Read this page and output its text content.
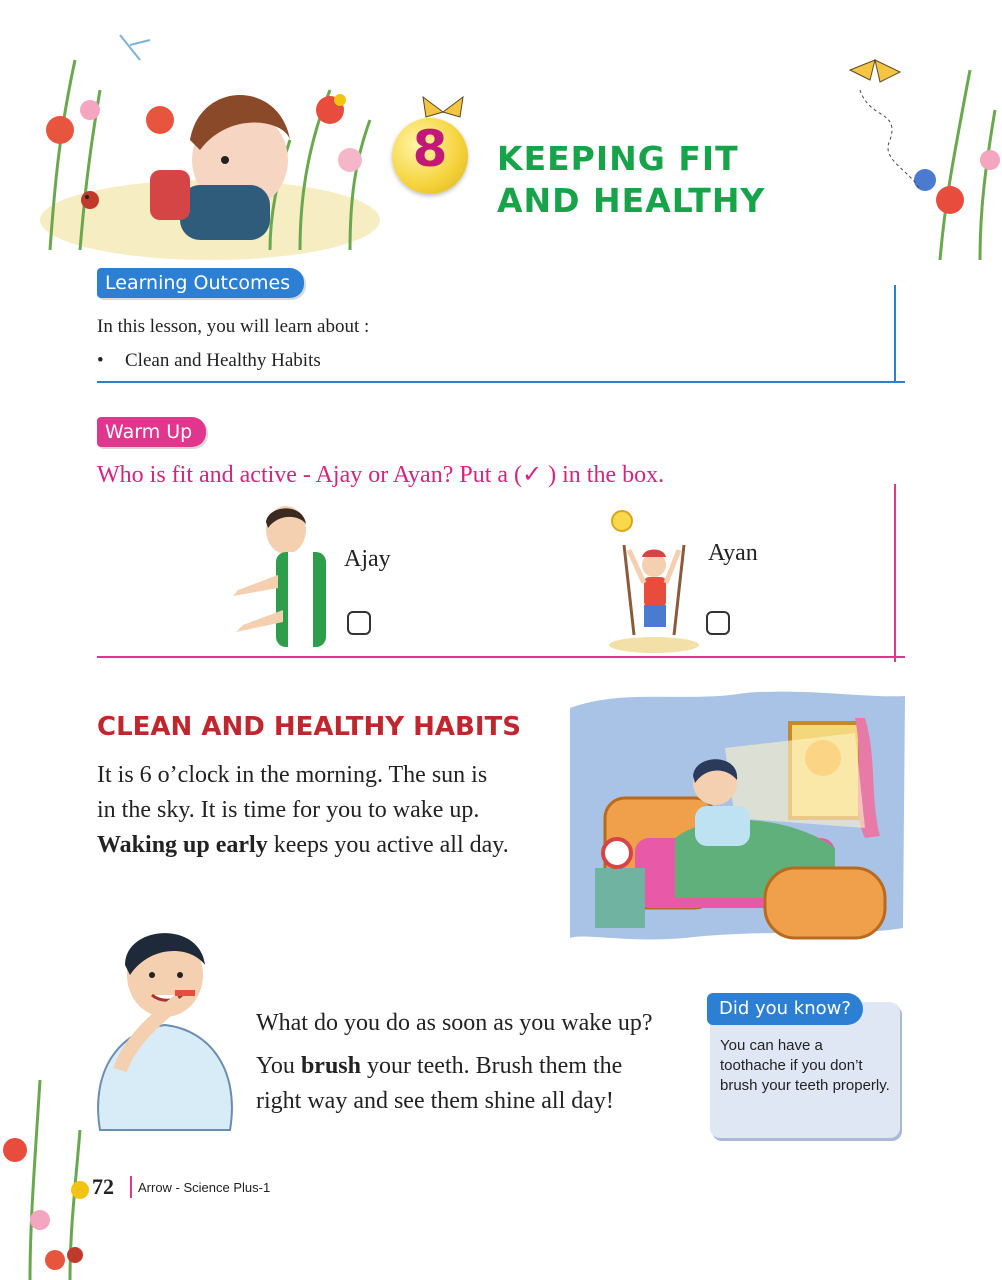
8	KEEPING FIT
AND HEALTHY
Learning Outcomes
In this lesson, you will learn about :
• Clean and Healthy Habits
Warm Up
Who is fit and active - Ajay or Ayan? Put a (✓ ) in the box.
Ajay	Ayan
CLEAN AND HEALTHY HABITS
It is 6 o’clock in the morning. The sun is
in the sky. It is time for you to wake up.
Waking up early keeps you active all day.
What do you do as soon as you wake up?
You brush your teeth. Brush them the
right way and see them shine all day!
Did you know?
You can have a toothache if you don’t brush your teeth properly.
72 Arrow - Science Plus-1
